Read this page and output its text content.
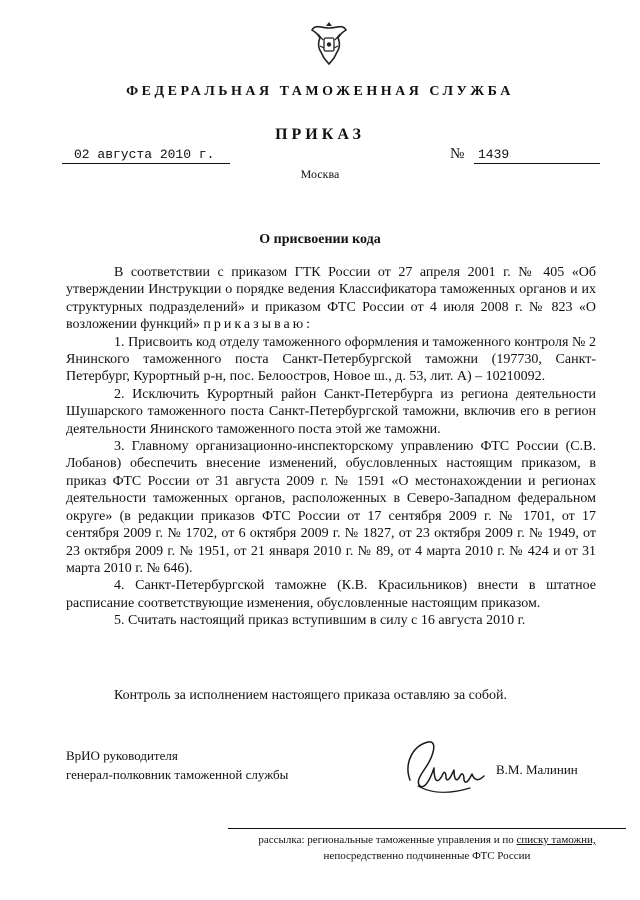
ФЕДЕРАЛЬНАЯ ТАМОЖЕННАЯ СЛУЖБА
ПРИКАЗ
02 августа 2010 г.	№	1439
Москва
О присвоении кода

В соответствии с приказом ГТК России от 27 апреля 2001 г. № 405 «Об утверждении Инструкции о порядке ведения Классификатора таможенных органов и их структурных подразделений» и приказом ФТС России от 4 июля 2008 г. № 823 «О возложении функций» приказываю:

1. Присвоить код отделу таможенного оформления и таможенного контроля № 2 Янинского таможенного поста Санкт-Петербургской таможни (197730, Санкт-Петербург, Курортный р-н, пос. Белоостров, Новое ш., д. 53, лит. А) – 10210092.

2. Исключить Курортный район Санкт-Петербурга из региона деятельности Шушарского таможенного поста Санкт-Петербургской таможни, включив его в регион деятельности Янинского таможенного поста этой же таможни.

3. Главному организационно-инспекторскому управлению ФТС России (С.В. Лобанов) обеспечить внесение изменений, обусловленных настоящим приказом, в приказ ФТС России от 31 августа 2009 г. № 1591 «О местонахождении и регионах деятельности таможенных органов, расположенных в Северо-Западном федеральном округе» (в редакции приказов ФТС России от 17 сентября 2009 г. № 1701, от 17 сентября 2009 г. № 1702, от 6 октября 2009 г. № 1827, от 23 октября 2009 г. № 1949, от 23 октября 2009 г. № 1951, от 21 января 2010 г. № 89, от 4 марта 2010 г. № 424 и от 31 марта 2010 г. № 646).

4. Санкт-Петербургской таможне (К.В. Красильников) внести в штатное расписание соответствующие изменения, обусловленные настоящим приказом.

5. Считать настоящий приказ вступившим в силу с 16 августа 2010 г.

Контроль за исполнением настоящего приказа оставляю за собой.
ВрИО руководителя
генерал-полковник таможенной службы	В.М. Малинин
рассылка: региональные таможенные управления и по списку таможни,
непосредственно подчиненные ФТС России
